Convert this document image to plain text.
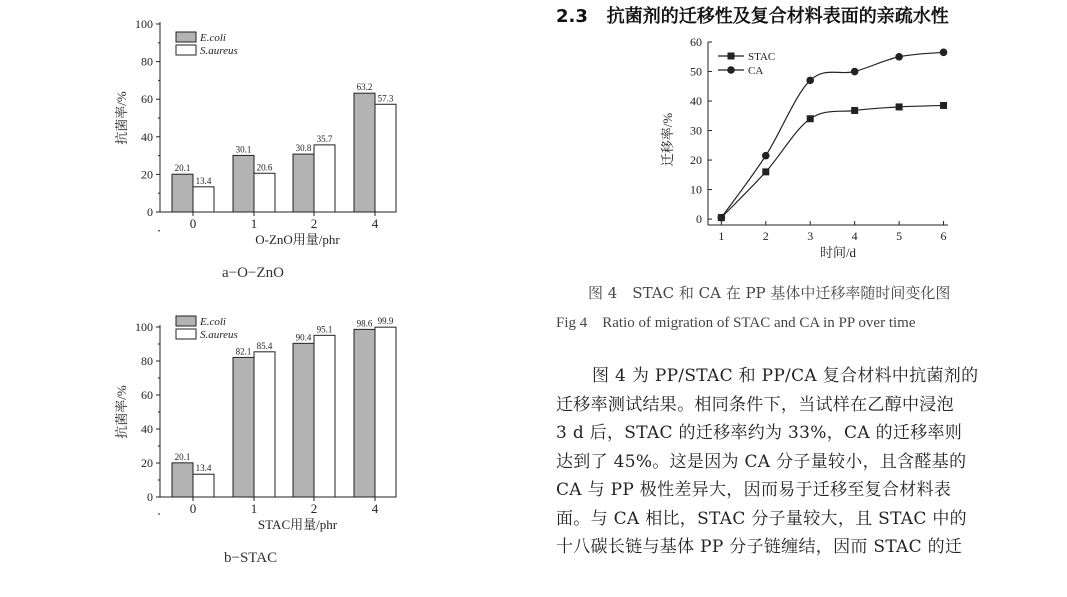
2.3 抗菌剂的迁移性及复合材料表面的亲疏水性
0
20
40
60
80
100
0
20.1
13.4
1
30.1
20.6
2
30.8
35.7
4
63.2
57.3
E.coli
S.aureus
抗菌率/%
O-ZnO用量/phr
a−O−ZnO
0
20
40
60
80
100
0
20.1
13.4
1
82.1
85.4
2
90.4
95.1
4
98.6 99.9
E.coli
S.aureus
抗菌率/%
STAC用量/phr
b−STAC
0
10
20
30
40
50
60
1	2	3	4	5	6
STAC
CA
迁移率/%
时间/d
图 4　STAC 和 CA 在 PP 基体中迁移率随时间变化图
Fig 4　Ratio of migration of STAC and CA in PP over time
图 4 为 PP/STAC 和 PP/CA 复合材料中抗菌剂的
迁移率测试结果。相同条件下，当试样在乙醇中浸泡
3 d 后，STAC 的迁移率约为 33%，CA 的迁移率则
达到了 45%。这是因为 CA 分子量较小，且含醛基的
CA 与 PP 极性差异大，因而易于迁移至复合材料表
面。与 CA 相比，STAC 分子量较大，且 STAC 中的
十八碳长链与基体 PP 分子链缠结，因而 STAC 的迁
